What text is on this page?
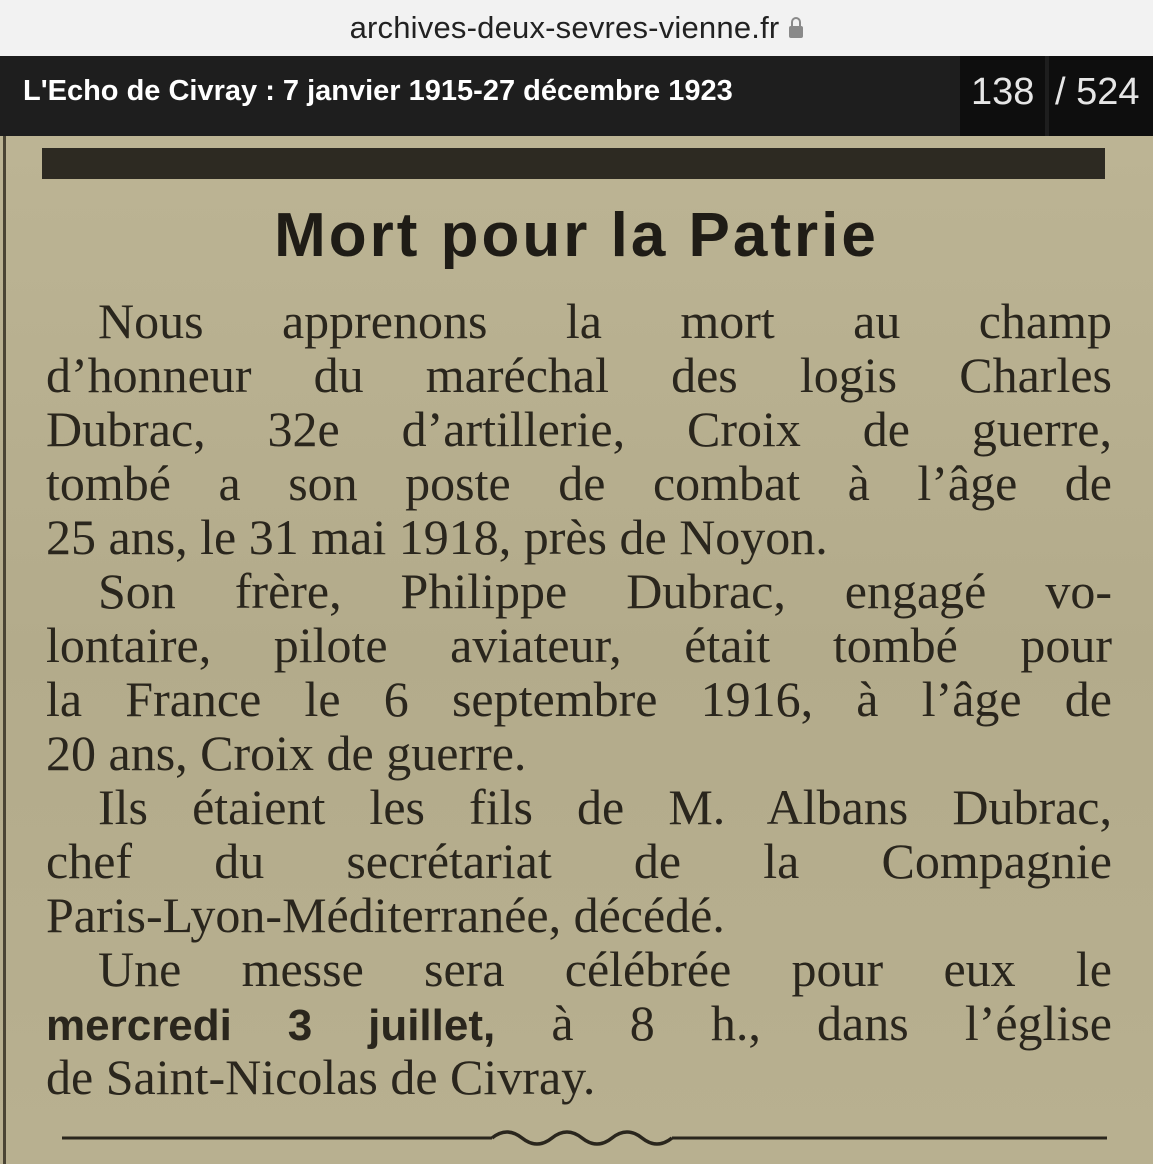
archives-deux-sevres-vienne.fr
L'Echo de Civray : 7 janvier 1915-27 décembre 1923	138 / 524
Mort pour la Patrie
Nous apprenons la mort au champ
d’honneur du maréchal des logis Charles
Dubrac, 32e d’artillerie, Croix de guerre,
tombé a son poste de combat à l’âge de
25 ans, le 31 mai 1918, près de Noyon.
Son frère, Philippe Dubrac, engagé vo-
lontaire, pilote aviateur, était tombé pour
la France le 6 septembre 1916, à l’âge de
20 ans, Croix de guerre.
Ils étaient les fils de M. Albans Dubrac,
chef du secrétariat de la Compagnie
Paris-Lyon-Méditerranée, décédé.
Une messe sera célébrée pour eux le
mercredi 3 juillet, à 8 h., dans l’église
de Saint-Nicolas de Civray.
